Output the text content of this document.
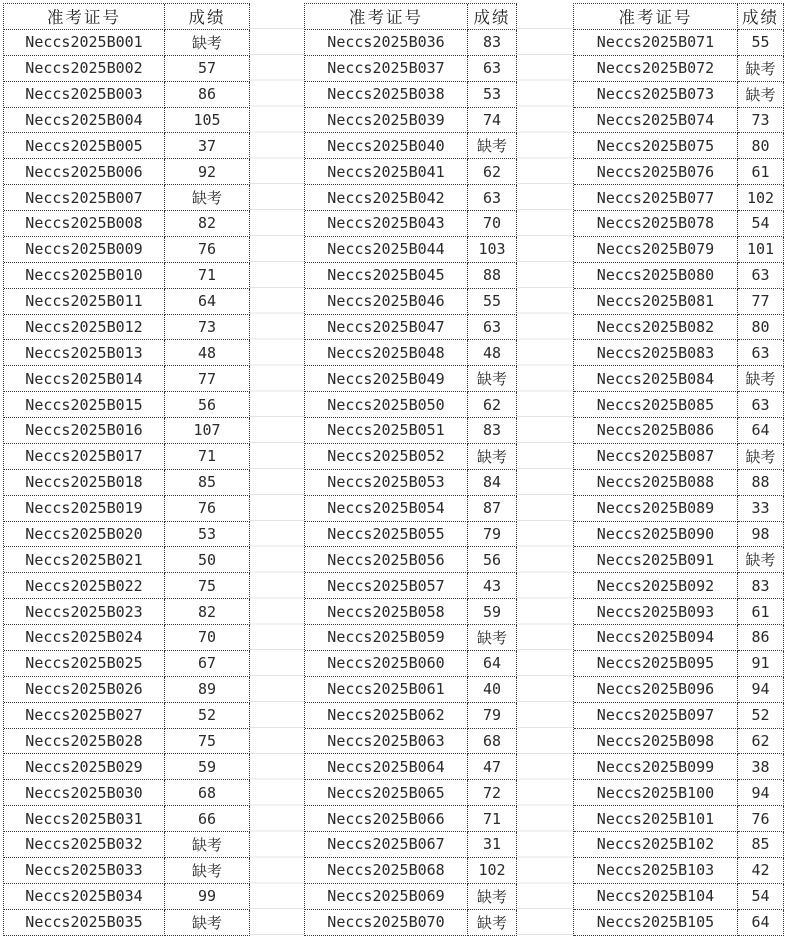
准考证号	成绩
Neccs2025B001	缺考
Neccs2025B002	57
Neccs2025B003	86
Neccs2025B004	105
Neccs2025B005	37
Neccs2025B006	92
Neccs2025B007	缺考
Neccs2025B008	82
Neccs2025B009	76
Neccs2025B010	71
Neccs2025B011	64
Neccs2025B012	73
Neccs2025B013	48
Neccs2025B014	77
Neccs2025B015	56
Neccs2025B016	107
Neccs2025B017	71
Neccs2025B018	85
Neccs2025B019	76
Neccs2025B020	53
Neccs2025B021	50
Neccs2025B022	75
Neccs2025B023	82
Neccs2025B024	70
Neccs2025B025	67
Neccs2025B026	89
Neccs2025B027	52
Neccs2025B028	75
Neccs2025B029	59
Neccs2025B030	68
Neccs2025B031	66
Neccs2025B032	缺考
Neccs2025B033	缺考
Neccs2025B034	99
Neccs2025B035	缺考
准考证号	成绩
Neccs2025B036	83
Neccs2025B037	63
Neccs2025B038	53
Neccs2025B039	74
Neccs2025B040	缺考
Neccs2025B041	62
Neccs2025B042	63
Neccs2025B043	70
Neccs2025B044	103
Neccs2025B045	88
Neccs2025B046	55
Neccs2025B047	63
Neccs2025B048	48
Neccs2025B049	缺考
Neccs2025B050	62
Neccs2025B051	83
Neccs2025B052	缺考
Neccs2025B053	84
Neccs2025B054	87
Neccs2025B055	79
Neccs2025B056	56
Neccs2025B057	43
Neccs2025B058	59
Neccs2025B059	缺考
Neccs2025B060	64
Neccs2025B061	40
Neccs2025B062	79
Neccs2025B063	68
Neccs2025B064	47
Neccs2025B065	72
Neccs2025B066	71
Neccs2025B067	31
Neccs2025B068	102
Neccs2025B069	缺考
Neccs2025B070	缺考
准考证号	成绩
Neccs2025B071	55
Neccs2025B072	缺考
Neccs2025B073	缺考
Neccs2025B074	73
Neccs2025B075	80
Neccs2025B076	61
Neccs2025B077	102
Neccs2025B078	54
Neccs2025B079	101
Neccs2025B080	63
Neccs2025B081	77
Neccs2025B082	80
Neccs2025B083	63
Neccs2025B084	缺考
Neccs2025B085	63
Neccs2025B086	64
Neccs2025B087	缺考
Neccs2025B088	88
Neccs2025B089	33
Neccs2025B090	98
Neccs2025B091	缺考
Neccs2025B092	83
Neccs2025B093	61
Neccs2025B094	86
Neccs2025B095	91
Neccs2025B096	94
Neccs2025B097	52
Neccs2025B098	62
Neccs2025B099	38
Neccs2025B100	94
Neccs2025B101	76
Neccs2025B102	85
Neccs2025B103	42
Neccs2025B104	54
Neccs2025B105	64
